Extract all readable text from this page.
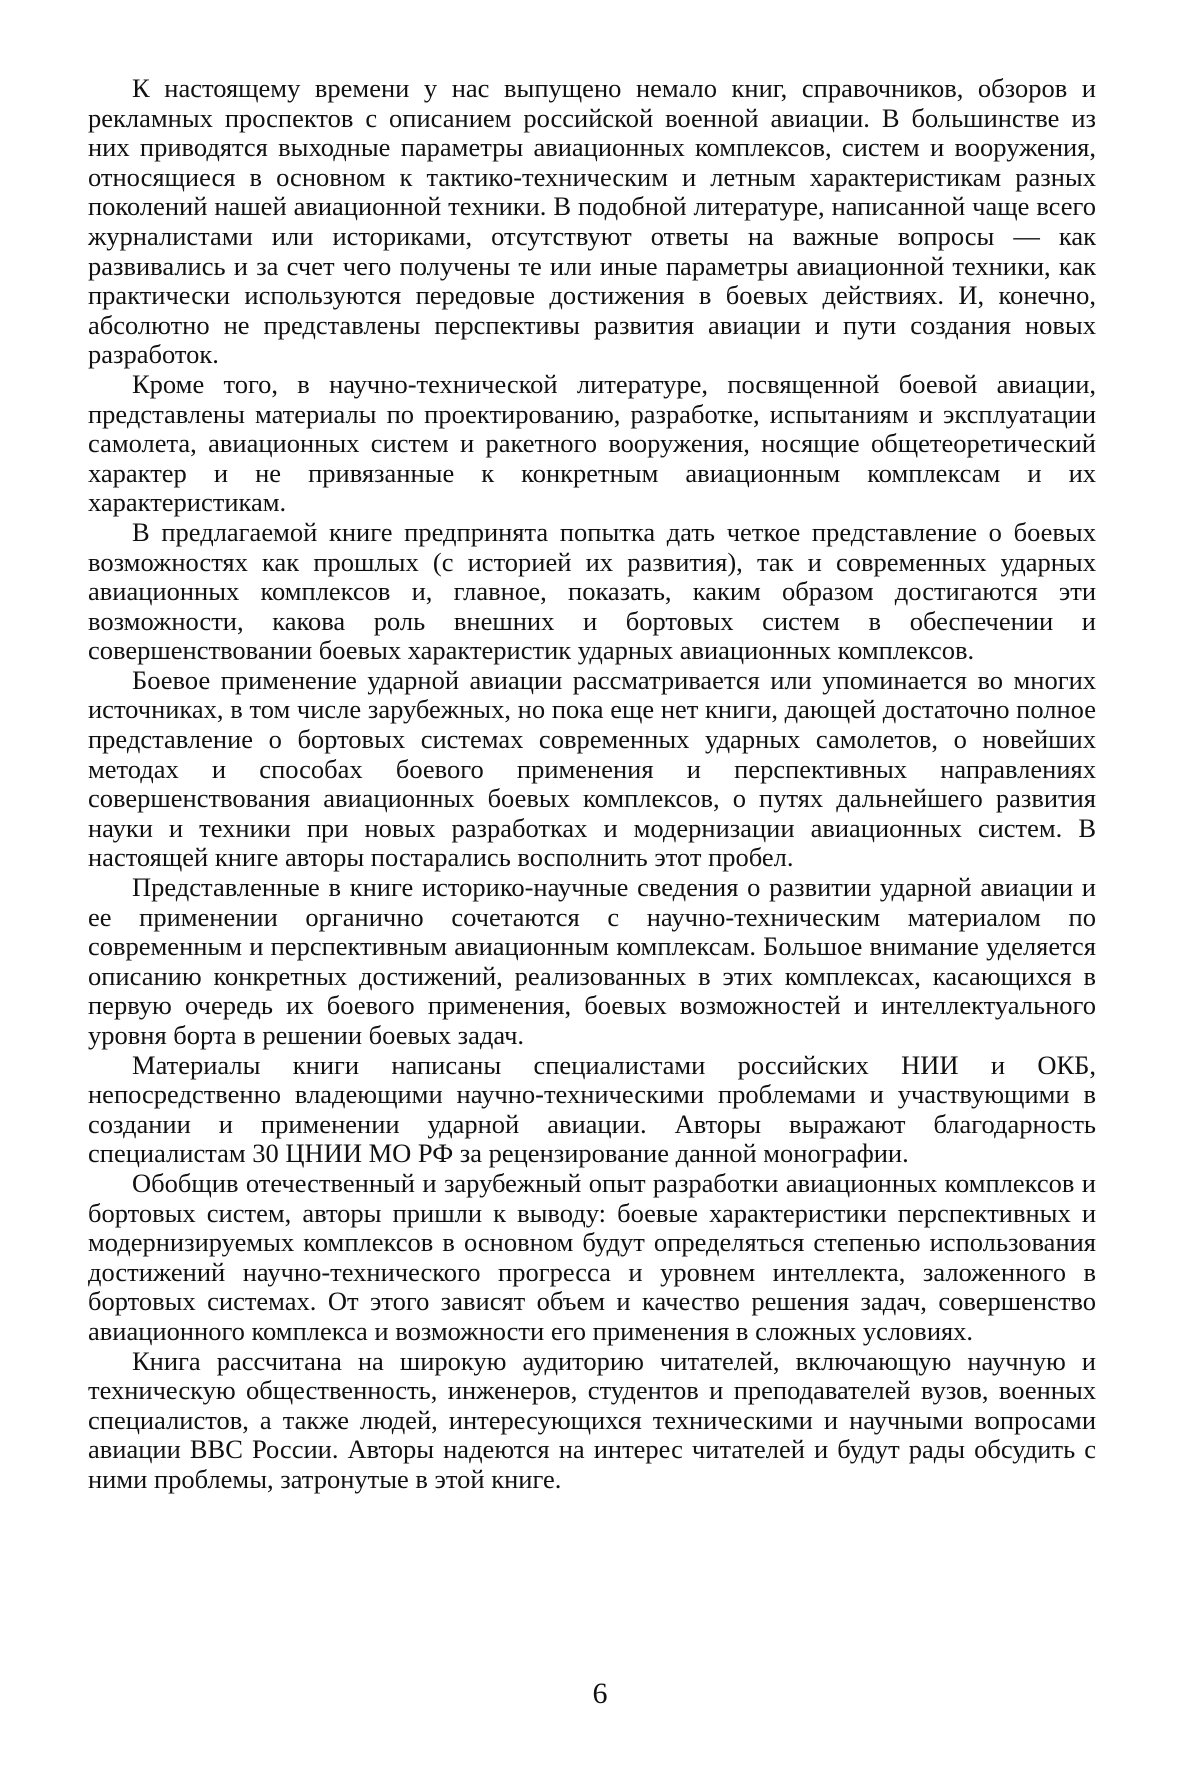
К настоящему времени у нас выпущено немало книг, справочников, обзоров и рекламных проспектов с описанием российской военной авиации. В большинстве из них приводятся выходные параметры авиационных комплексов, систем и вооружения, относящиеся в основном к тактико-техническим и летным характеристикам разных поколений нашей авиационной техники. В подобной литературе, написанной чаще всего журналистами или историками, отсутствуют ответы на важные вопросы — как развивались и за счет чего получены те или иные параметры авиационной техники, как практически используются передовые достижения в боевых действиях. И, конечно, абсолютно не представлены перспективы развития авиации и пути создания новых разработок.

Кроме того, в научно-технической литературе, посвященной боевой авиации, представлены материалы по проектированию, разработке, испытаниям и эксплуатации самолета, авиационных систем и ракетного вооружения, носящие общетеоретический характер и не привязанные к конкретным авиационным комплексам и их характеристикам.

В предлагаемой книге предпринята попытка дать четкое представление о боевых возможностях как прошлых (с историей их развития), так и современных ударных авиационных комплексов и, главное, показать, каким образом достигаются эти возможности, какова роль внешних и бортовых систем в обеспечении и совершенствовании боевых характеристик ударных авиационных комплексов.

Боевое применение ударной авиации рассматривается или упоминается во многих источниках, в том числе зарубежных, но пока еще нет книги, дающей достаточно полное представление о бортовых системах современных ударных самолетов, о новейших методах и способах боевого применения и перспективных направлениях совершенствования авиационных боевых комплексов, о путях дальнейшего развития науки и техники при новых разработках и модернизации авиационных систем. В настоящей книге авторы постарались восполнить этот пробел.

Представленные в книге историко-научные сведения о развитии ударной авиации и ее применении органично сочетаются с научно-техническим материалом по современным и перспективным авиационным комплексам. Большое внимание уделяется описанию конкретных достижений, реализованных в этих комплексах, касающихся в первую очередь их боевого применения, боевых возможностей и интеллектуального уровня борта в решении боевых задач.

Материалы книги написаны специалистами российских НИИ и ОКБ, непосредственно владеющими научно-техническими проблемами и участвующими в создании и применении ударной авиации. Авторы выражают благодарность специалистам 30 ЦНИИ МО РФ за рецензирование данной монографии.

Обобщив отечественный и зарубежный опыт разработки авиационных комплексов и бортовых систем, авторы пришли к выводу: боевые характеристики перспективных и модернизируемых комплексов в основном будут определяться степенью использования достижений научно-технического прогресса и уровнем интеллекта, заложенного в бортовых системах. От этого зависят объем и качество решения задач, совершенство авиационного комплекса и возможности его применения в сложных условиях.

Книга рассчитана на широкую аудиторию читателей, включающую научную и техническую общественность, инженеров, студентов и преподавателей вузов, военных специалистов, а также людей, интересующихся техническими и научными вопросами авиации ВВС России. Авторы надеются на интерес читателей и будут рады обсудить с ними проблемы, затронутые в этой книге.

6
